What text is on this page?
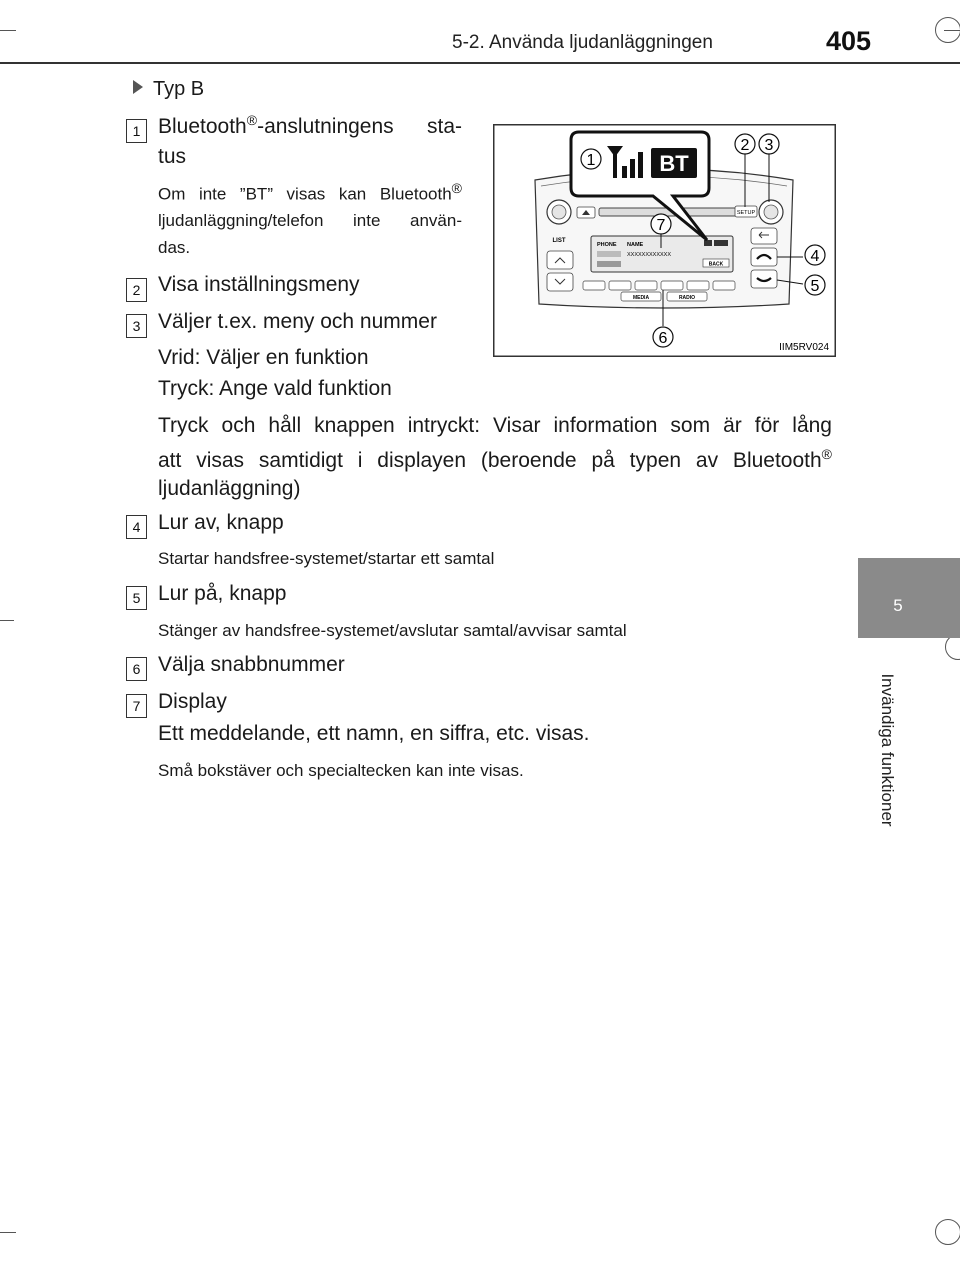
5-2. Använda ljudanläggningen	405
5
Invändiga funktioner
Typ B
1 Bluetooth®-anslutningens sta-
tus
Om inte ”BT” visas kan Bluetooth®
ljudanläggning/telefon inte använ-
das.
2 Visa inställningsmeny
3 Väljer t.ex. meny och nummer
Vrid: Väljer en funktion
Tryck: Ange vald funktion
Tryck och håll knappen intryckt: Visar information som är för lång
att visas samtidigt i displayen (beroende på typen av Bluetooth®
ljudanläggning)
4 Lur av, knapp
Startar handsfree-systemet/startar ett samtal
5 Lur på, knapp
Stänger av handsfree-systemet/avslutar samtal/avvisar samtal
6 Välja snabbnummer
7 Display
Ett meddelande, ett namn, en siffra, etc. visas.
Små bokstäver och specialtecken kan inte visas.
SETUP
LIST
PHONE NAME
XXXXXXXXXXXX
BACK
MEDIA	RADIO
BT
1
2 3
4
5
6
7
IIM5RV024
